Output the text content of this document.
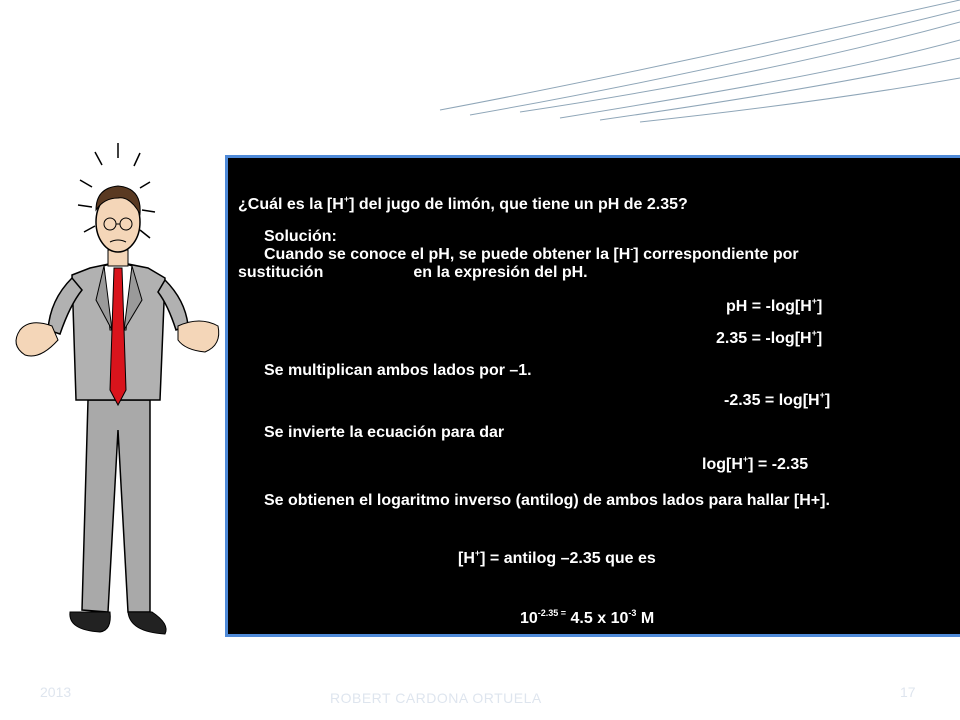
¿Cuál es la [H+] del jugo de limón, que tiene un pH de 2.35?
Solución:
Cuando se conoce el pH, se puede obtener la [H-] correspondiente por
sustitución	en la expresión del pH.
pH = -log[H+]
2.35 = -log[H+]
Se multiplican ambos lados por –1.
-2.35 = log[H+]
Se invierte la ecuación para dar
log[H+] = -2.35
Se obtienen el logaritmo inverso (antilog) de ambos lados para hallar [H+].
[H+] = antilog –2.35 que es
$10^{-2.35 =}$ 4.5 x $10^{-3}$ M
2013	ROBERT CARDONA ORTUELA	17
